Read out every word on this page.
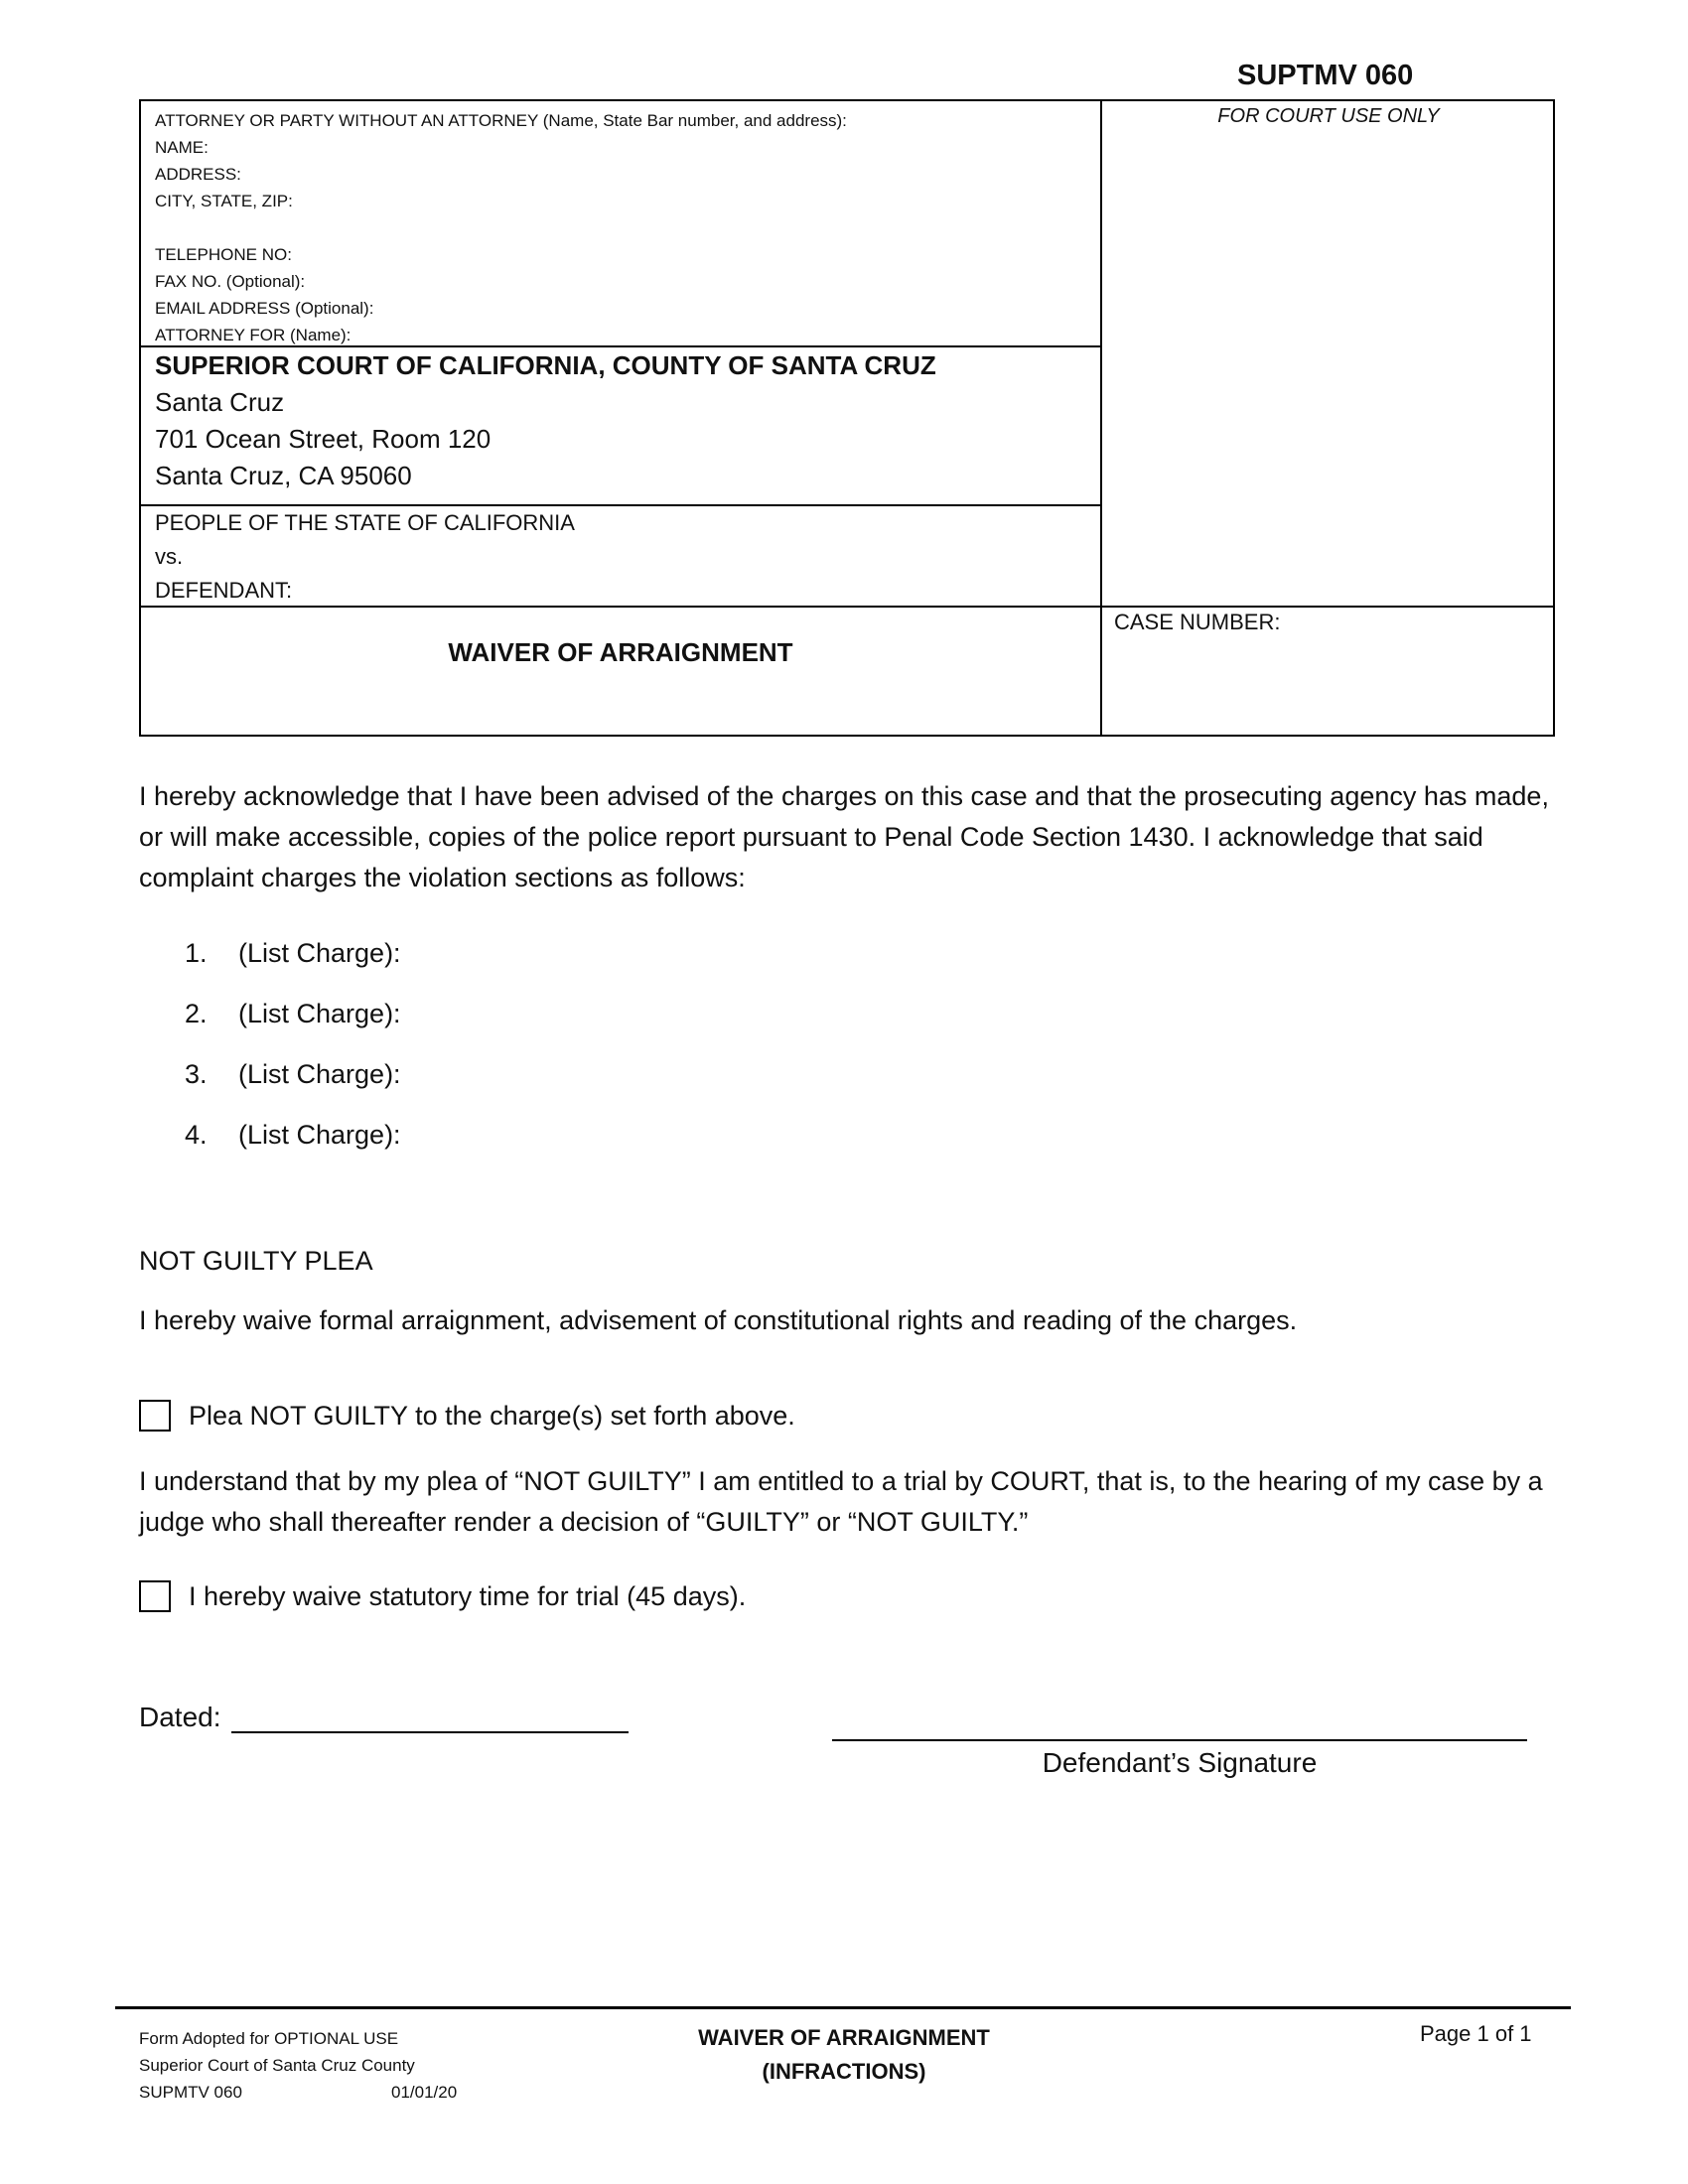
SUPTMV 060
ATTORNEY OR PARTY WITHOUT AN ATTORNEY (Name, State Bar number, and address):
NAME:
ADDRESS:
CITY, STATE, ZIP:
TELEPHONE NO:
FAX NO. (Optional):
EMAIL ADDRESS (Optional):
ATTORNEY FOR (Name):
SUPERIOR COURT OF CALIFORNIA, COUNTY OF SANTA CRUZ
Santa Cruz
701 Ocean Street, Room 120
Santa Cruz, CA 95060
PEOPLE OF THE STATE OF CALIFORNIA
vs.
DEFENDANT:
WAIVER OF ARRAIGNMENT
FOR COURT USE ONLY
CASE NUMBER:
I hereby acknowledge that I have been advised of the charges on this case and that the prosecuting agency has made, or will make accessible, copies of the police report pursuant to Penal Code Section 1430. I acknowledge that said complaint charges the violation sections as follows:
1.	(List Charge):
2.	(List Charge):
3.	(List Charge):
4.	(List Charge):
NOT GUILTY PLEA
I hereby waive formal arraignment, advisement of constitutional rights and reading of the charges.
Plea NOT GUILTY to the charge(s) set forth above.
I understand that by my plea of “NOT GUILTY” I am entitled to a trial by COURT, that is, to the hearing of my case by a judge who shall thereafter render a decision of “GUILTY” or “NOT GUILTY.”
I hereby waive statutory time for trial (45 days).
Dated:
Defendant’s Signature
Form Adopted for OPTIONAL USE
Superior Court of Santa Cruz County
SUPMTV 060	01/01/20
WAIVER OF ARRAIGNMENT
(INFRACTIONS)
Page 1 of 1
